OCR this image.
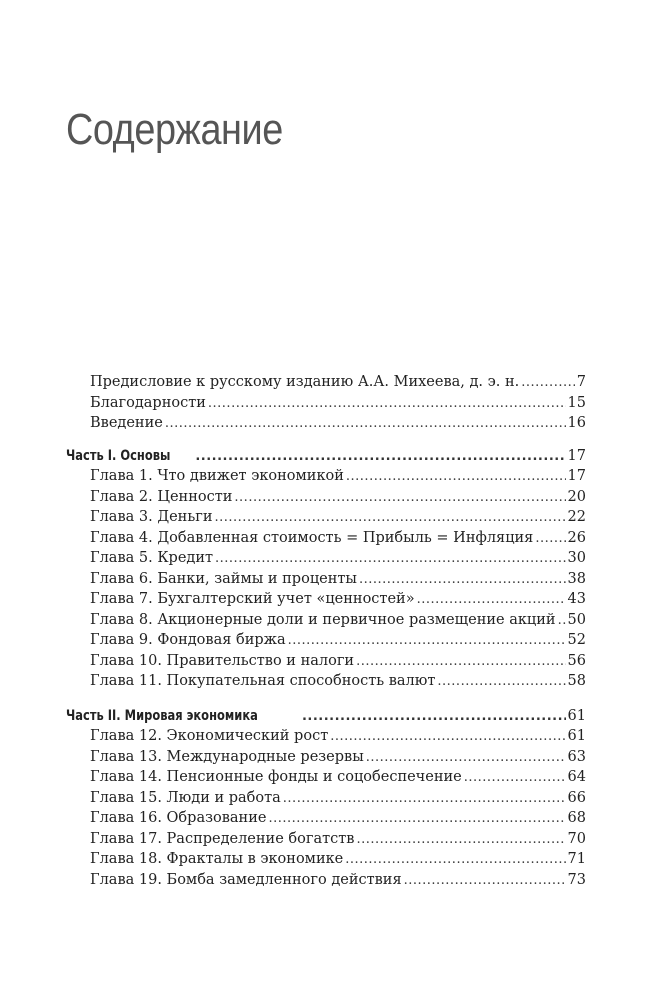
Содержание
Предисловие к русскому изданию А.А. Михеева, д. э. н. .....	7
Благодарности .....	15
Введение .....	16
Часть I. Основы .....	17
Глава 1. Что движет экономикой .....	17
Глава 2. Ценности .....	20
Глава 3. Деньги .....	22
Глава 4. Добавленная стоимость = Прибыль = Инфляция ..... 26
Глава 5. Кредит .....	30
Глава 6. Банки, займы и проценты .....	38
Глава 7. Бухгалтерский учет «ценностей» .....	43
Глава 8. Акционерные доли и первичное размещение акций ..... 50
Глава 9. Фондовая биржа .....	52
Глава 10. Правительство и налоги .....	56
Глава 11. Покупательная способность валют .....	58
Часть II. Мировая экономика .....	61
Глава 12. Экономический рост .....	61
Глава 13. Международные резервы .....	63
Глава 14. Пенсионные фонды и соцобеспечение .....	64
Глава 15. Люди и работа .....	66
Глава 16. Образование .....	68
Глава 17. Распределение богатств .....	70
Глава 18. Фракталы в экономике .....	71
Глава 19. Бомба замедленного действия .....	73
